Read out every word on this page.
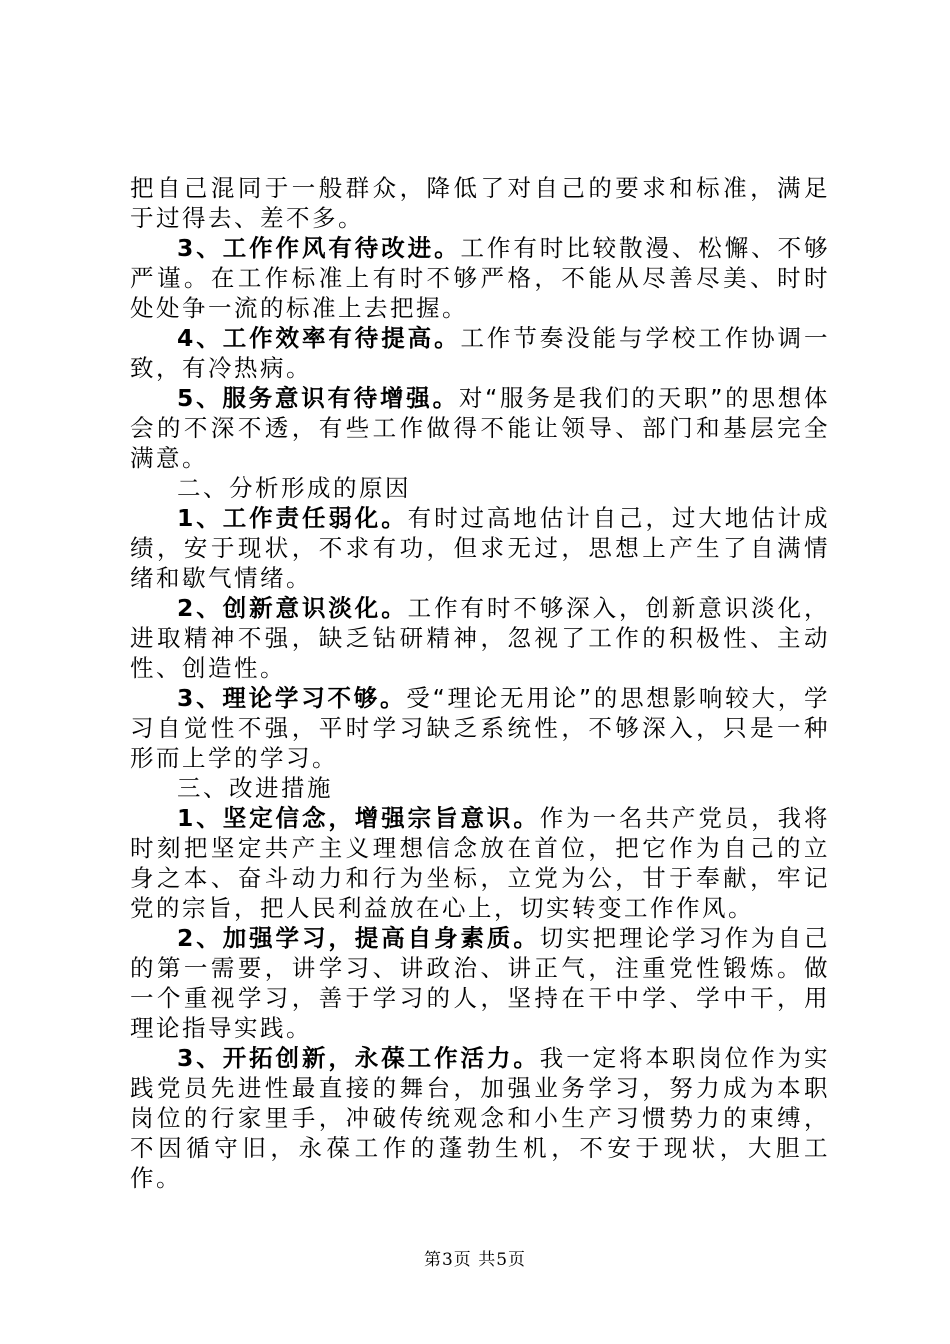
把自己混同于一般群众，降低了对自己的要求和标准，满足于过得去、差不多。

3、工作作风有待改进。工作有时比较散漫、松懈、不够严谨。在工作标准上有时不够严格，不能从尽善尽美、时时处处争一流的标准上去把握。

4、工作效率有待提高。工作节奏没能与学校工作协调一致，有冷热病。

5、服务意识有待增强。对“服务是我们的天职”的思想体会的不深不透，有些工作做得不能让领导、部门和基层完全满意。

二、分析形成的原因

1、工作责任弱化。有时过高地估计自己，过大地估计成绩，安于现状，不求有功，但求无过，思想上产生了自满情绪和歇气情绪。

2、创新意识淡化。工作有时不够深入，创新意识淡化，进取精神不强，缺乏钻研精神，忽视了工作的积极性、主动性、创造性。

3、理论学习不够。受“理论无用论”的思想影响较大，学习自觉性不强，平时学习缺乏系统性，不够深入，只是一种形而上学的学习。

三、改进措施

1、坚定信念，增强宗旨意识。作为一名共产党员，我将时刻把坚定共产主义理想信念放在首位，把它作为自己的立身之本、奋斗动力和行为坐标，立党为公，甘于奉献，牢记党的宗旨，把人民利益放在心上，切实转变工作作风。

2、加强学习，提高自身素质。切实把理论学习作为自己的第一需要，讲学习、讲政治、讲正气，注重党性锻炼。做一个重视学习，善于学习的人，坚持在干中学、学中干，用理论指导实践。

3、开拓创新，永葆工作活力。我一定将本职岗位作为实践党员先进性最直接的舞台，加强业务学习，努力成为本职岗位的行家里手，冲破传统观念和小生产习惯势力的束缚，不因循守旧，永葆工作的蓬勃生机，不安于现状，大胆工作。

第3页 共5页
